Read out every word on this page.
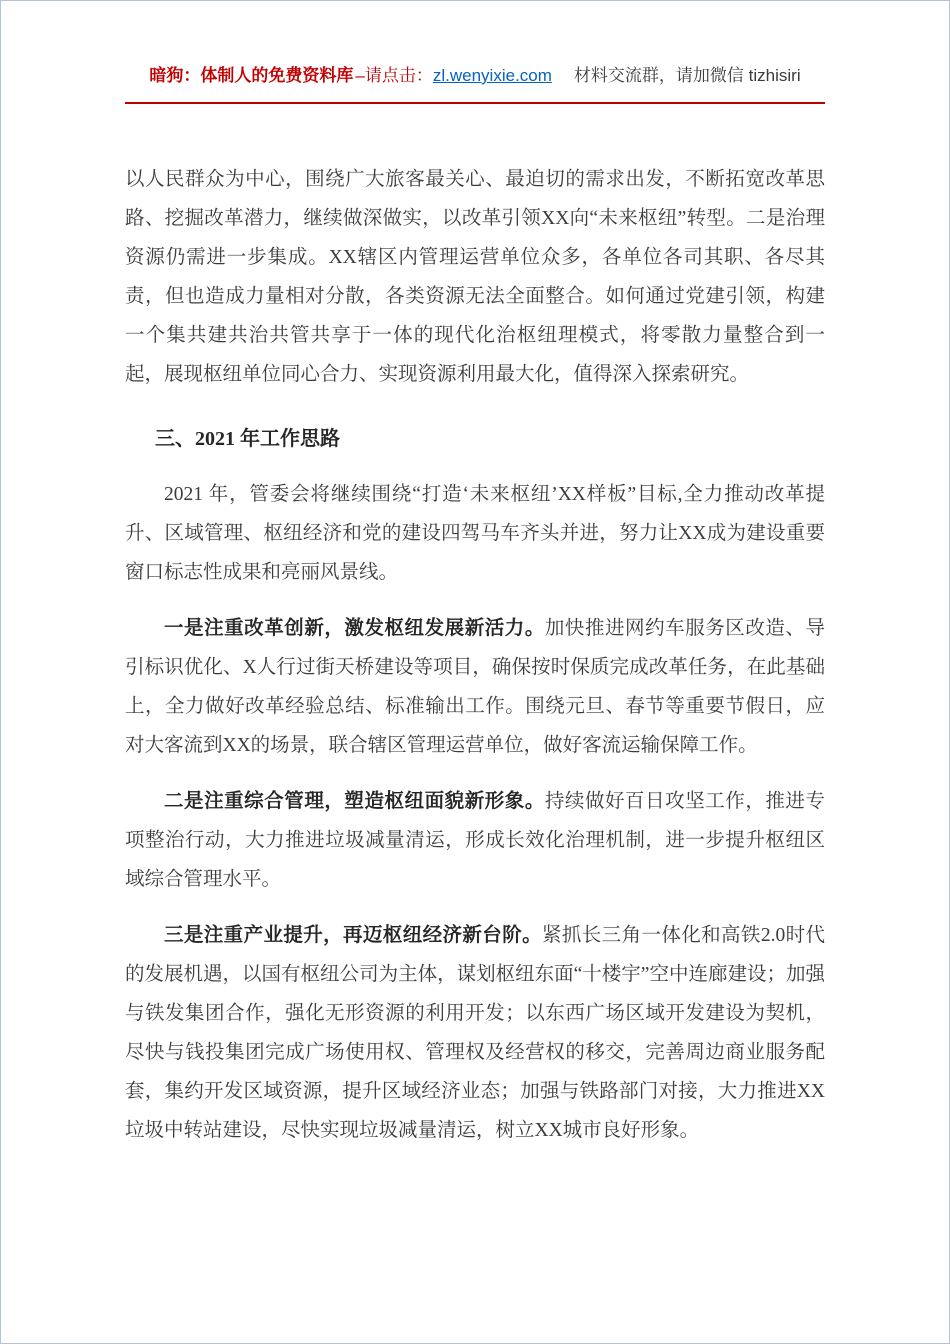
暗狗：体制人的免费资料库 –请点击：zl.wenyixie.com 材料交流群，请加微信 tizhisiri

以人民群众为中心，围绕广大旅客最关心、最迫切的需求出发，不断拓宽改革思路、挖掘改革潜力，继续做深做实，以改革引领XX向“未来枢纽”转型。二是治理资源仍需进一步集成。XX辖区内管理运营单位众多，各单位各司其职、各尽其责，但也造成力量相对分散，各类资源无法全面整合。如何通过党建引领，构建一个集共建共治共管共享于一体的现代化治枢纽理模式，将零散力量整合到一起，展现枢纽单位同心合力、实现资源利用最大化，值得深入探索研究。

三、2021 年工作思路

2021 年，管委会将继续围绕“打造‘未来枢纽’XX样板”目标,全力推动改革提升、区域管理、枢纽经济和党的建设四驾马车齐头并进，努力让XX成为建设重要窗口标志性成果和亮丽风景线。

一是注重改革创新，激发枢纽发展新活力。加快推进网约车服务区改造、导引标识优化、X人行过街天桥建设等项目，确保按时保质完成改革任务，在此基础上，全力做好改革经验总结、标准输出工作。围绕元旦、春节等重要节假日，应对大客流到XX的场景，联合辖区管理运营单位，做好客流运输保障工作。

二是注重综合管理，塑造枢纽面貌新形象。持续做好百日攻坚工作，推进专项整治行动，大力推进垃圾减量清运，形成长效化治理机制，进一步提升枢纽区域综合管理水平。

三是注重产业提升，再迈枢纽经济新台阶。紧抓长三角一体化和高铁2.0时代的发展机遇，以国有枢纽公司为主体，谋划枢纽东面“十楼宇”空中连廊建设；加强与铁发集团合作，强化无形资源的利用开发；以东西广场区域开发建设为契机，尽快与钱投集团完成广场使用权、管理权及经营权的移交，完善周边商业服务配套，集约开发区域资源，提升区域经济业态；加强与铁路部门对接，大力推进XX垃圾中转站建设，尽快实现垃圾减量清运，树立XX城市良好形象。
